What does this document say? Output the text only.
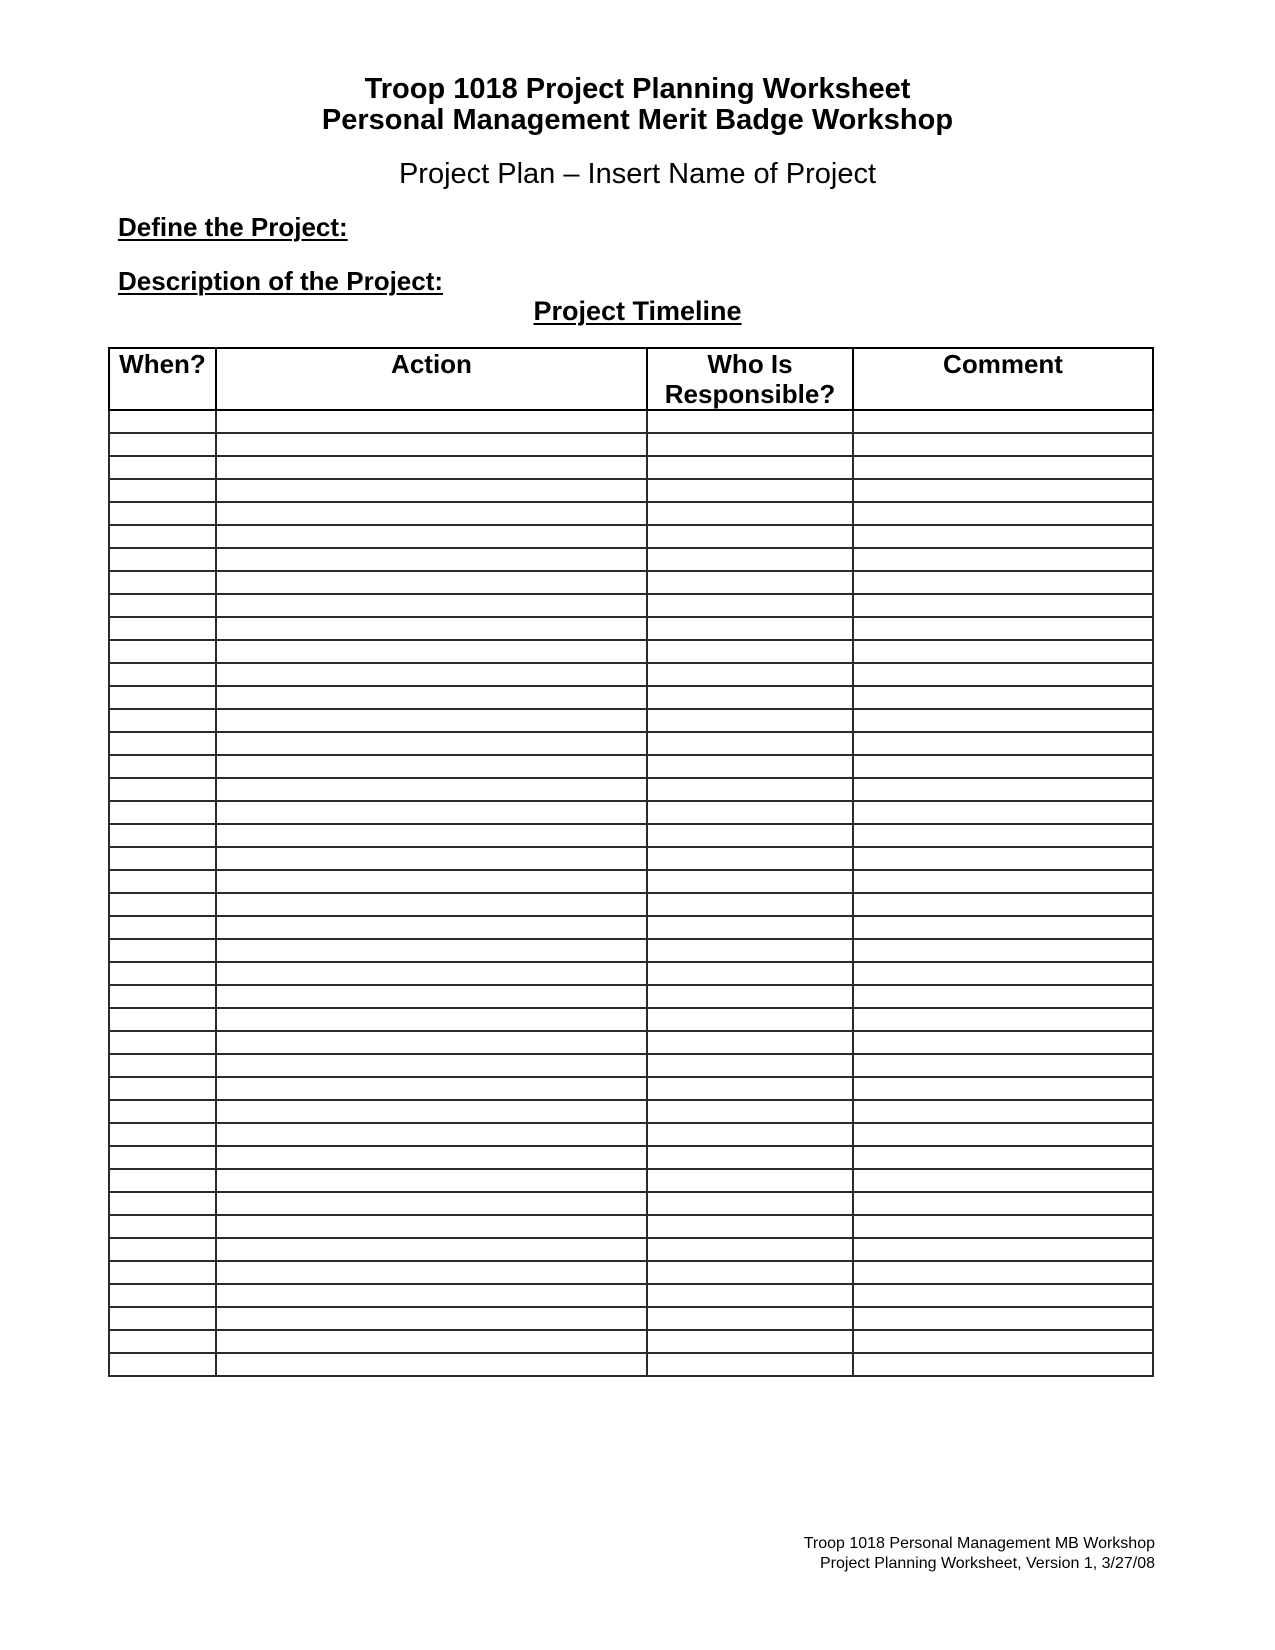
Troop 1018 Project Planning Worksheet
Personal Management Merit Badge Workshop
Project Plan – Insert Name of Project
Define the Project:
Description of the Project:
Project Timeline
When?	Action	Who Is Responsible?	Comment

Troop 1018 Personal Management MB Workshop
Project Planning Worksheet, Version 1, 3/27/08
